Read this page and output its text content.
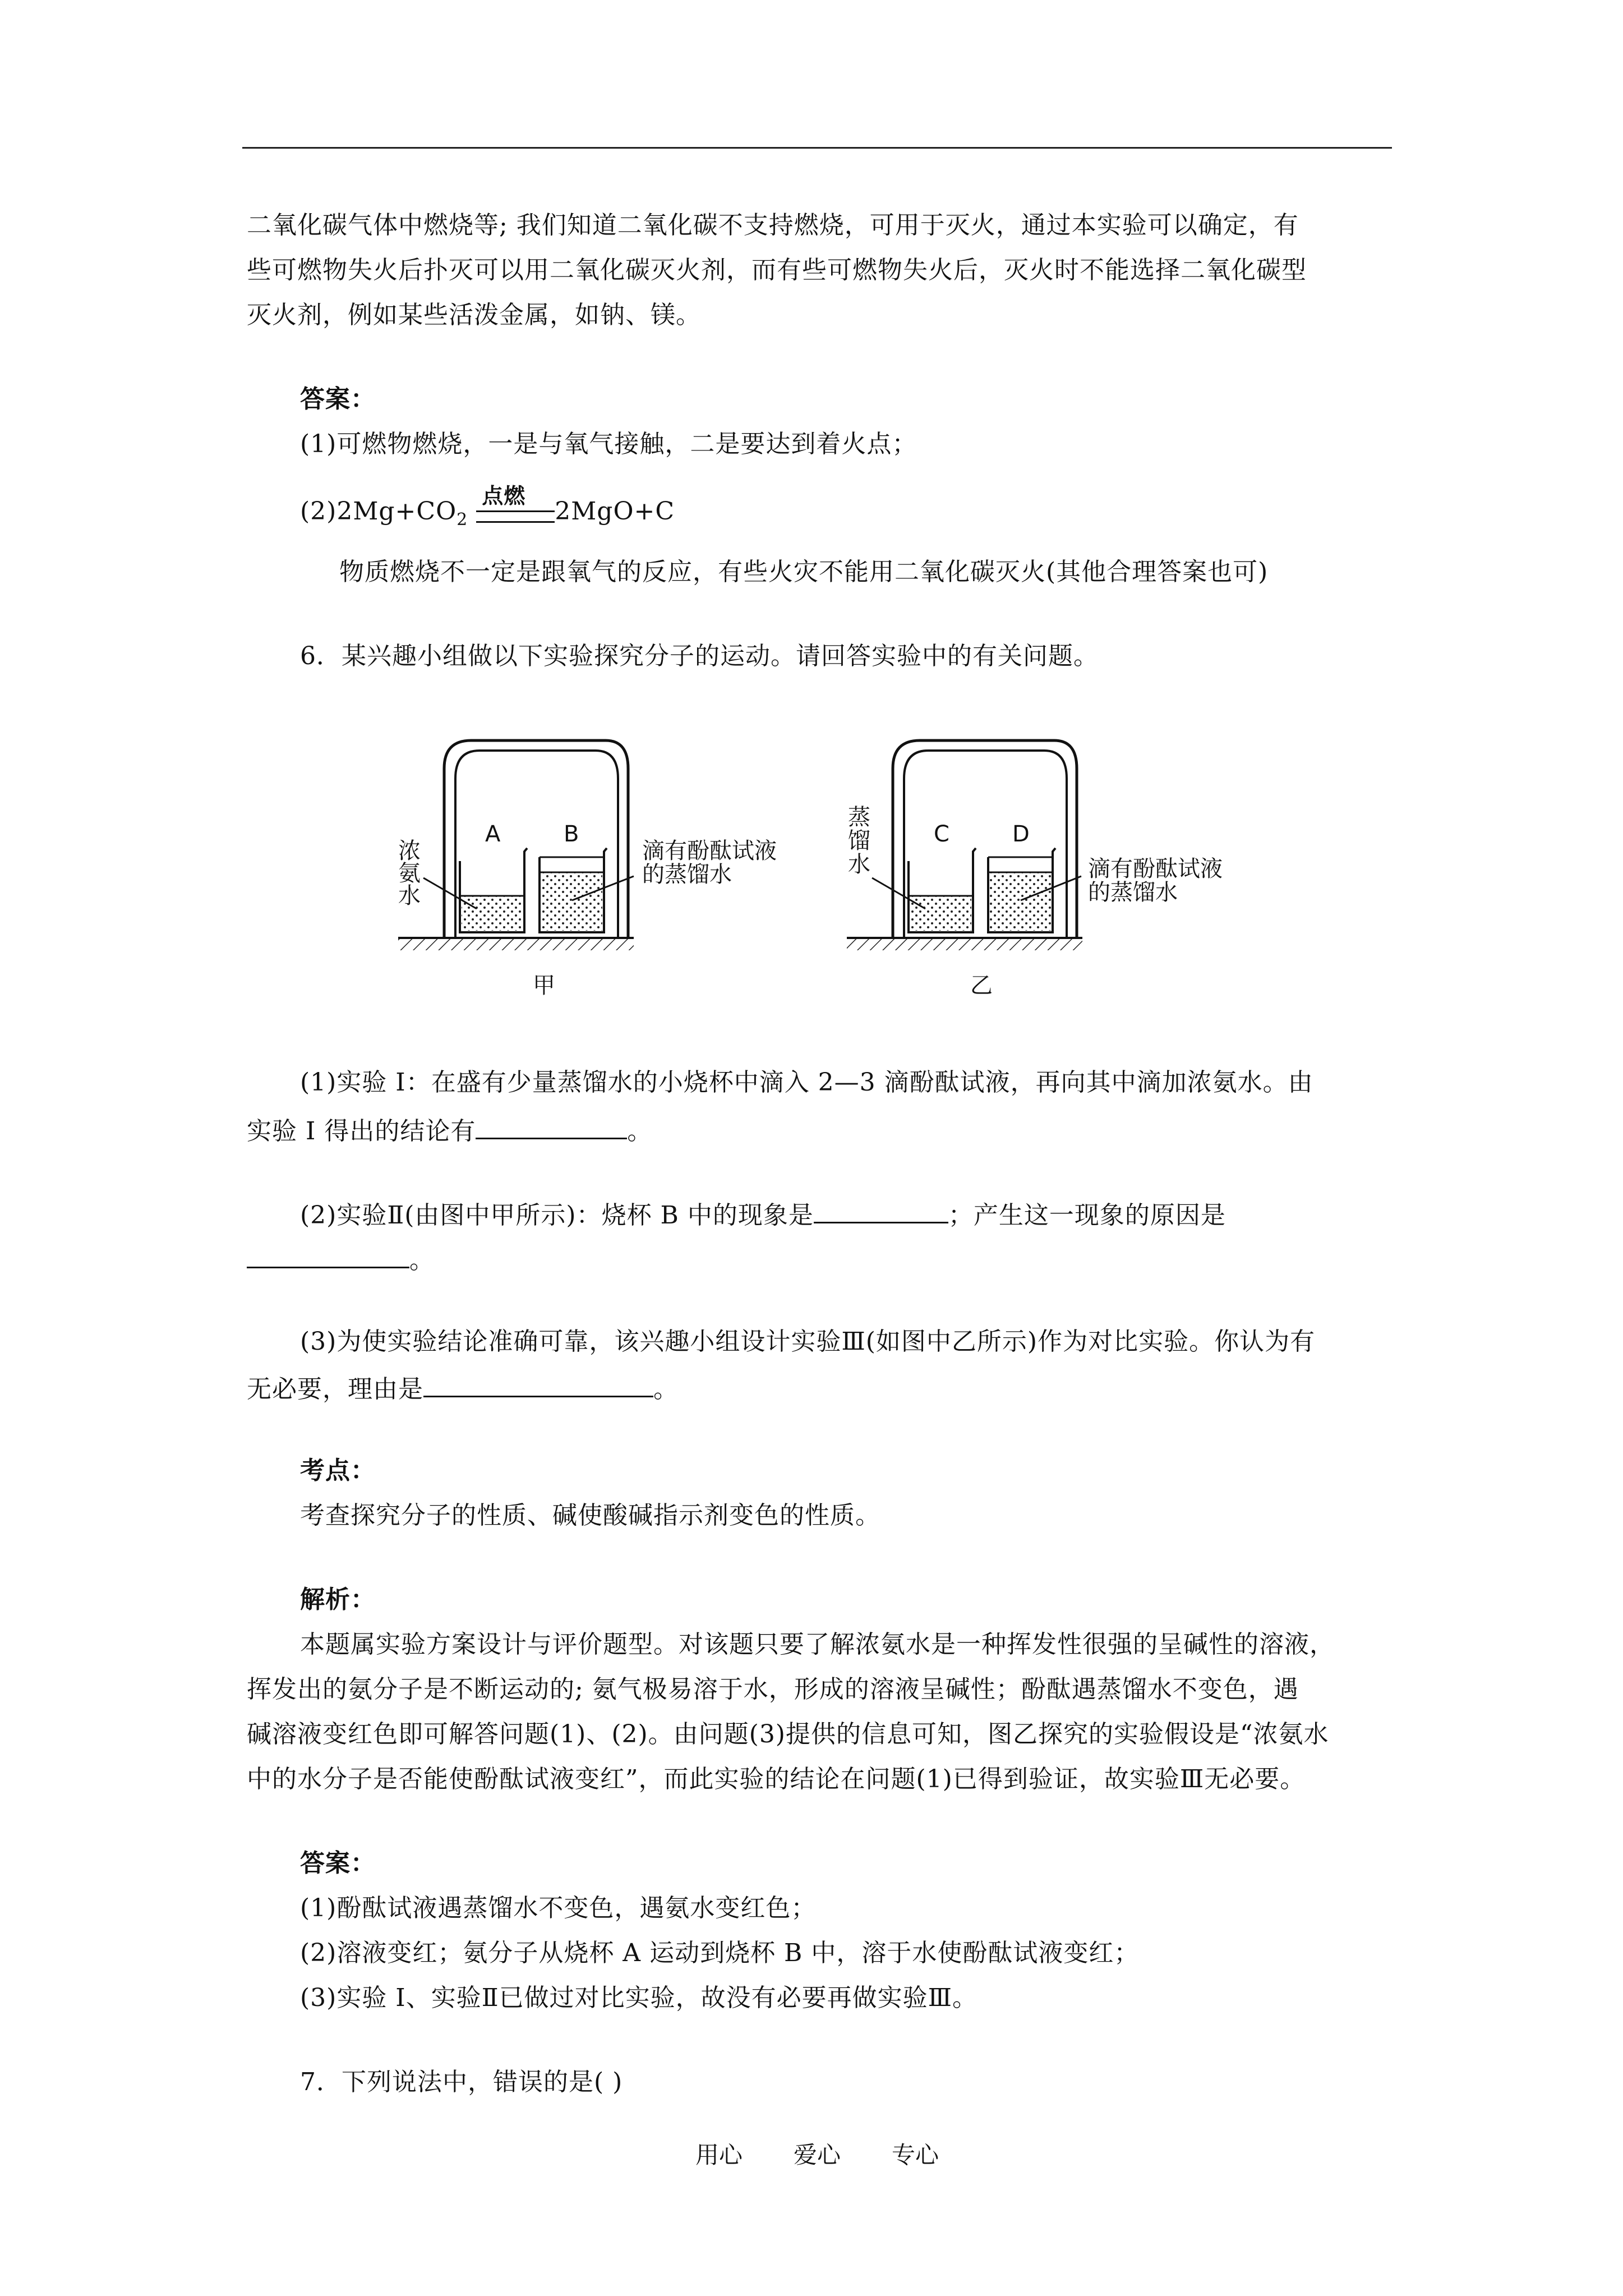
二氧化碳气体中燃烧等; 我们知道二氧化碳不支持燃烧，可用于灭火，通过本实验可以确定，有
些可燃物失火后扑灭可以用二氧化碳灭火剂，而有些可燃物失火后，灭火时不能选择二氧化碳型
灭火剂，例如某些活泼金属，如钠、镁。
答案：
(1)可燃物燃烧，一是与氧气接触，二是要达到着火点；
$(2)2Mg+CO_2$
点燃
2MgO+C
物质燃烧不一定是跟氧气的反应，有些火灾不能用二氧化碳灭火(其他合理答案也可)
6．某兴趣小组做以下实验探究分子的运动。请回答实验中的有关问题。
A	B
浓
氨
水
滴有酚酞试液
的蒸馏水
甲
C	D
蒸
馏
水	滴有酚酞试液
的蒸馏水
乙
(1)实验 I：在盛有少量蒸馏水的小烧杯中滴入 2—3 滴酚酞试液，再向其中滴加浓氨水。由
实验 I 得出的结论有	。
(2)实验Ⅱ(由图中甲所示)：烧杯 B 中的现象是	；产生这一现象的原因是
。
(3)为使实验结论准确可靠，该兴趣小组设计实验Ⅲ(如图中乙所示)作为对比实验。你认为有
无必要，理由是	。
考点：
考查探究分子的性质、碱使酸碱指示剂变色的性质。
解析：
本题属实验方案设计与评价题型。对该题只要了解浓氨水是一种挥发性很强的呈碱性的溶液，
挥发出的氨分子是不断运动的; 氨气极易溶于水，形成的溶液呈碱性；酚酞遇蒸馏水不变色，遇
碱溶液变红色即可解答问题(1)、(2)。由问题(3)提供的信息可知，图乙探究的实验假设是“浓氨水
中的水分子是否能使酚酞试液变红”，而此实验的结论在问题(1)已得到验证，故实验Ⅲ无必要。
答案：
(1)酚酞试液遇蒸馏水不变色，遇氨水变红色；
(2)溶液变红；氨分子从烧杯 A 运动到烧杯 B 中，溶于水使酚酞试液变红；
(3)实验 I、实验Ⅱ已做过对比实验，故没有必要再做实验Ⅲ。
7．下列说法中，错误的是( )
用心 爱心 专心
